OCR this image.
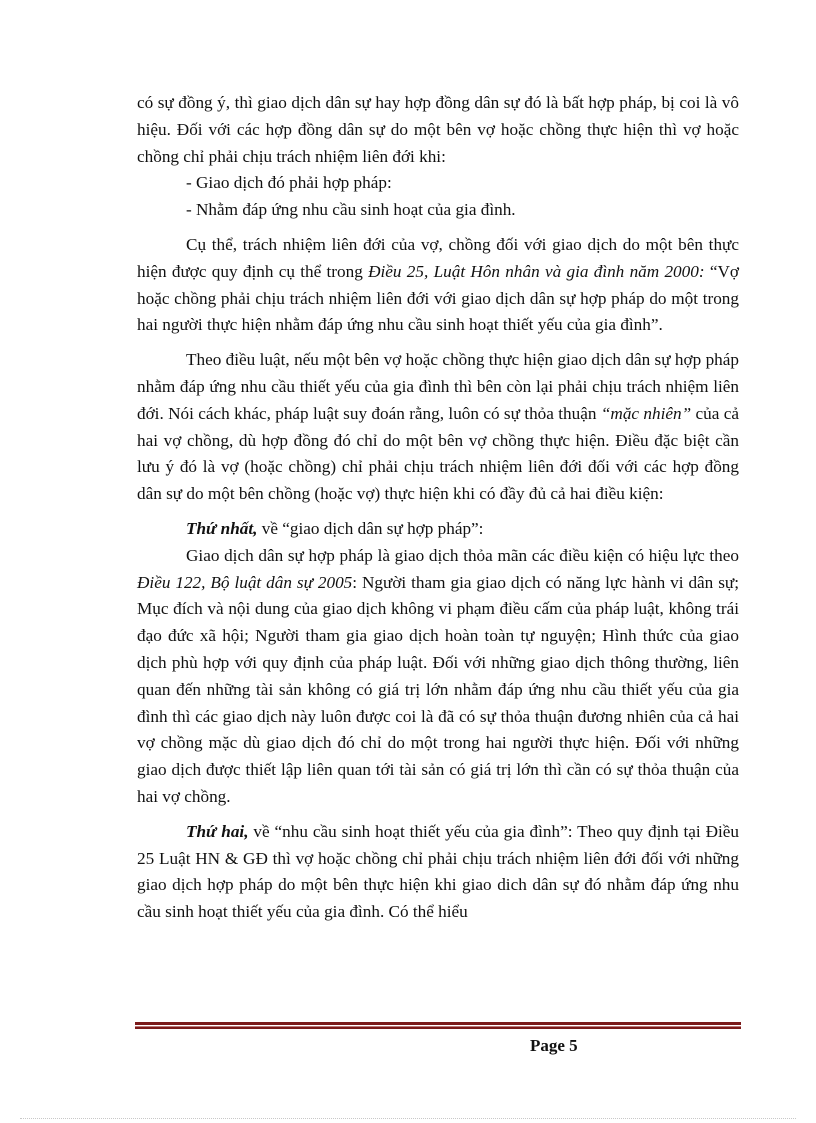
có sự đồng ý, thì giao dịch dân sự hay hợp đồng dân sự đó là bất hợp pháp, bị coi là vô hiệu. Đối với các hợp đồng dân sự do một bên vợ hoặc chồng thực hiện thì vợ hoặc chồng chỉ phải chịu trách nhiệm liên đới khi:

- Giao dịch đó phải hợp pháp:

- Nhằm đáp ứng nhu cầu sinh hoạt của gia đình.

Cụ thể, trách nhiệm liên đới của vợ, chồng đối với giao dịch do một bên thực hiện được quy định cụ thể trong Điều 25, Luật Hôn nhân và gia đình năm 2000: “Vợ hoặc chồng phải chịu trách nhiệm liên đới với giao dịch dân sự hợp pháp do một trong hai người thực hiện nhằm đáp ứng nhu cầu sinh hoạt thiết yếu của gia đình”.

Theo điều luật, nếu một bên vợ hoặc chồng thực hiện giao dịch dân sự hợp pháp nhằm đáp ứng nhu cầu thiết yếu của gia đình thì bên còn lại phải chịu trách nhiệm liên đới. Nói cách khác, pháp luật suy đoán rằng, luôn có sự thỏa thuận “mặc nhiên” của cả hai vợ chồng, dù hợp đồng đó chỉ do một bên vợ chồng thực hiện. Điều đặc biệt cần lưu ý đó là vợ (hoặc chồng) chỉ phải chịu trách nhiệm liên đới đối với các hợp đồng dân sự do một bên chồng (hoặc vợ) thực hiện khi có đầy đủ cả hai điều kiện:

Thứ nhất, về “giao dịch dân sự hợp pháp”:

Giao dịch dân sự hợp pháp là giao dịch thỏa mãn các điều kiện có hiệu lực theo Điều 122, Bộ luật dân sự 2005: Người tham gia giao dịch có năng lực hành vi dân sự; Mục đích và nội dung của giao dịch không vi phạm điều cấm của pháp luật, không trái đạo đức xã hội; Người tham gia giao dịch hoàn toàn tự nguyện; Hình thức của giao dịch phù hợp với quy định của pháp luật. Đối với những giao dịch thông thường, liên quan đến những tài sản không có giá trị lớn nhằm đáp ứng nhu cầu thiết yếu của gia đình thì các giao dịch này luôn được coi là đã có sự thỏa thuận đương nhiên của cả hai vợ chồng mặc dù giao dịch đó chỉ do một trong hai người thực hiện. Đối với những giao dịch được thiết lập liên quan tới tài sản có giá trị lớn thì cần có sự thỏa thuận của hai vợ chồng.

Thứ hai, về “nhu cầu sinh hoạt thiết yếu của gia đình”: Theo quy định tại Điều 25 Luật HN & GĐ thì vợ hoặc chồng chỉ phải chịu trách nhiệm liên đới đối với những giao dịch hợp pháp do một bên thực hiện khi giao dich dân sự đó nhằm đáp ứng nhu cầu sinh hoạt thiết yếu của gia đình. Có thể hiểu

Page 5
